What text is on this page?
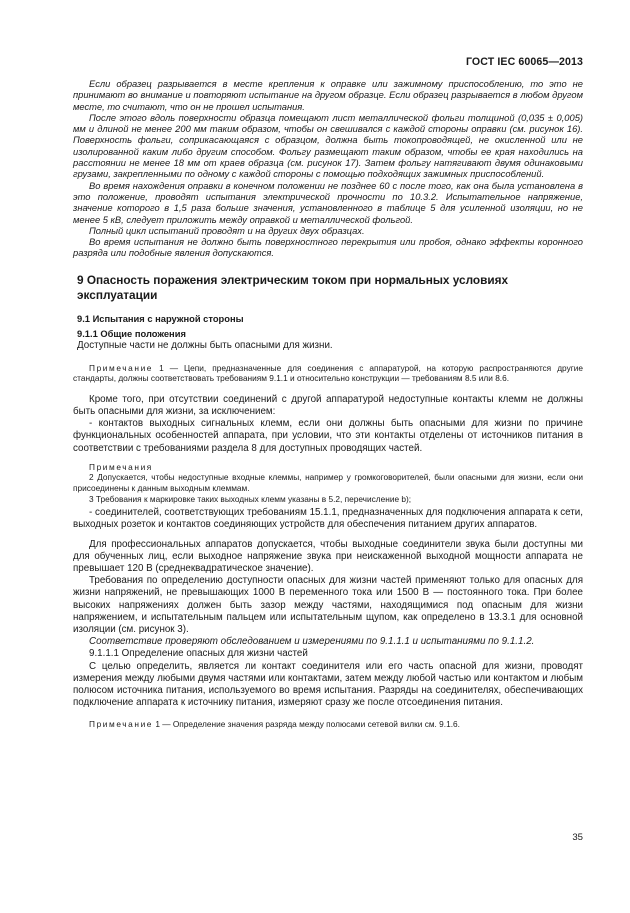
ГОСТ IEC 60065—2013

Если образец разрывается в месте крепления к оправке или зажимному приспособлению, то это не принимают во внимание и повторяют испытание на другом образце. Если образец разрывается в любом другом месте, то считают, что он не прошел испытания.

После этого вдоль поверхности образца помещают лист металлической фольги толщиной (0,035 ± 0,005) мм и длиной не менее 200 мм таким образом, чтобы он свешивался с каждой стороны оправки (см. рисунок 16). Поверхность фольги, соприкасающаяся с образцом, должна быть токопроводящей, не окисленной или не изолированной каким либо другим способом. Фольгу размещают таким образом, чтобы ее края находились на расстоянии не менее 18 мм от краев образца (см. рисунок 17). Затем фольгу натягивают двумя одинаковыми грузами, закрепленными по одному с каждой стороны с помощью подходящих зажимных приспособлений.

Во время нахождения оправки в конечном положении не позднее 60 с после того, как она была установлена в это положение, проводят испытания электрической прочности по 10.3.2. Испытательное напряжение, значение которого в 1,5 раза больше значения, установленного в таблице 5 для усиленной изоляции, но не менее 5 кВ, следует приложить между оправкой и металлической фольгой.

Полный цикл испытаний проводят и на других двух образцах.

Во время испытания не должно быть поверхностного перекрытия или пробоя, однако эффекты коронного разряда или подобные явления допускаются.

9 Опасность поражения электрическим током при нормальных условиях эксплуатации

9.1 Испытания с наружной стороны

9.1.1 Общие положения

Доступные части не должны быть опасными для жизни.

Примечание 1 — Цепи, предназначенные для соединения с аппаратурой, на которую распространяются другие стандарты, должны соответствовать требованиям 9.1.1 и относительно конструкции — требованиям 8.5 или 8.6.

Кроме того, при отсутствии соединений с другой аппаратурой недоступные контакты клемм не должны быть опасными для жизни, за исключением:

- контактов выходных сигнальных клемм, если они должны быть опасными для жизни по причине функциональных особенностей аппарата, при условии, что эти контакты отделены от источников питания в соответствии с требованиями раздела 8 для доступных проводящих частей.

Примечания

2 Допускается, чтобы недоступные входные клеммы, например у громкоговорителей, были опасными для жизни, если они присоединены к данным выходным клеммам.

3 Требования к маркировке таких выходных клемм указаны в 5.2, перечисление b);

- соединителей, соответствующих требованиям 15.1.1, предназначенных для подключения аппарата к сети, выходных розеток и контактов соединяющих устройств для обеспечения питанием других аппаратов.

Для профессиональных аппаратов допускается, чтобы выходные соединители звука были доступны ми для обученных лиц, если выходное напряжение звука при неискаженной выходной мощности аппарата не превышает 120 В (среднеквадратическое значение).

Требования по определению доступности опасных для жизни частей применяют только для опасных для жизни напряжений, не превышающих 1000 В переменного тока или 1500 В — постоянного тока. При более высоких напряжениях должен быть зазор между частями, находящимися под опасным для жизни напряжением, и испытательным пальцем или испытательным щупом, как определено в 13.3.1 для основной изоляции (см. рисунок 3).

Соответствие проверяют обследованием и измерениями по 9.1.1.1 и испытаниями по 9.1.1.2.

9.1.1.1 Определение опасных для жизни частей

С целью определить, является ли контакт соединителя или его часть опасной для жизни, проводят измерения между любыми двумя частями или контактами, затем между любой частью или контактом и любым полюсом источника питания, используемого во время испытания. Разряды на соединителях, обеспечивающих подключение аппарата к источнику питания, измеряют сразу же после отсоединения питания.

Примечание 1 — Определение значения разряда между полюсами сетевой вилки см. 9.1.6.

35
